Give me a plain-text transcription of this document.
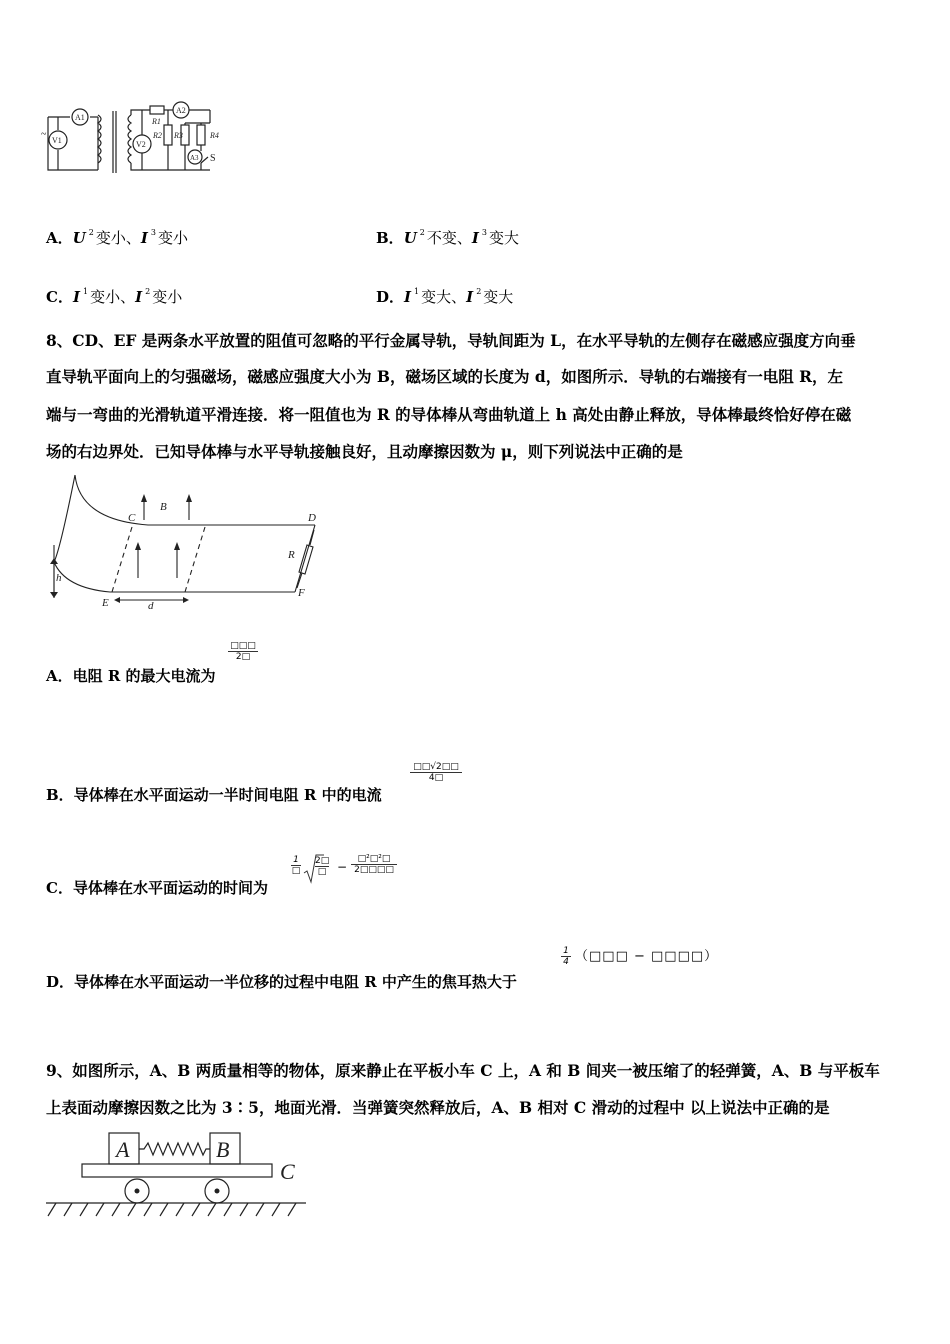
A1
V1
~
A2
R1
R2 R3	R4
V2
A3 S
A．U $^2$ 变小、I $^3$ 变小	B．U $^2$ 不变、I $^3$ 变大
C．I $^1$ 变小、I $^2$ 变小	D．I $^1$ 变大、I $^2$ 变大
8、CD、EF 是两条水平放置的阻值可忽略的平行金属导轨，导轨间距为 L，在水平导轨的左侧存在磁感应强度方向垂
直导轨平面向上的匀强磁场，磁感应强度大小为 B，磁场区域的长度为 d，如图所示．导轨的右端接有一电阻 R，左
端与一弯曲的光滑轨道平滑连接．将一阻值也为 R 的导体棒从弯曲轨道上 h 高处由静止释放，导体棒最终恰好停在磁
场的右边界处．已知导体棒与水平导轨接触良好，且动摩擦因数为 μ，则下列说法中正确的是
C
B
D
R
h
E	d
F
A．电阻 R 的最大电流为
□□□
2□
B．导体棒在水平面运动一半时间电阻 R 中的电流
□□√2□□
4□
C．导体棒在水平面运动的时间为
1
□
2□
□ −
□²□²□
2□□□□
D．导体棒在水平面运动一半位移的过程中电阻 R 中产生的焦耳热大于
1
4 （□□□ − □□□□）
9、如图所示，A、B 两质量相等的物体，原来静止在平板小车 C 上，A 和 B 间夹一被压缩了的轻弹簧，A、B 与平板车
上表面动摩擦因数之比为 3∶5，地面光滑．当弹簧突然释放后，A、B 相对 C 滑动的过程中 以上说法中正确的是
A	B
C
